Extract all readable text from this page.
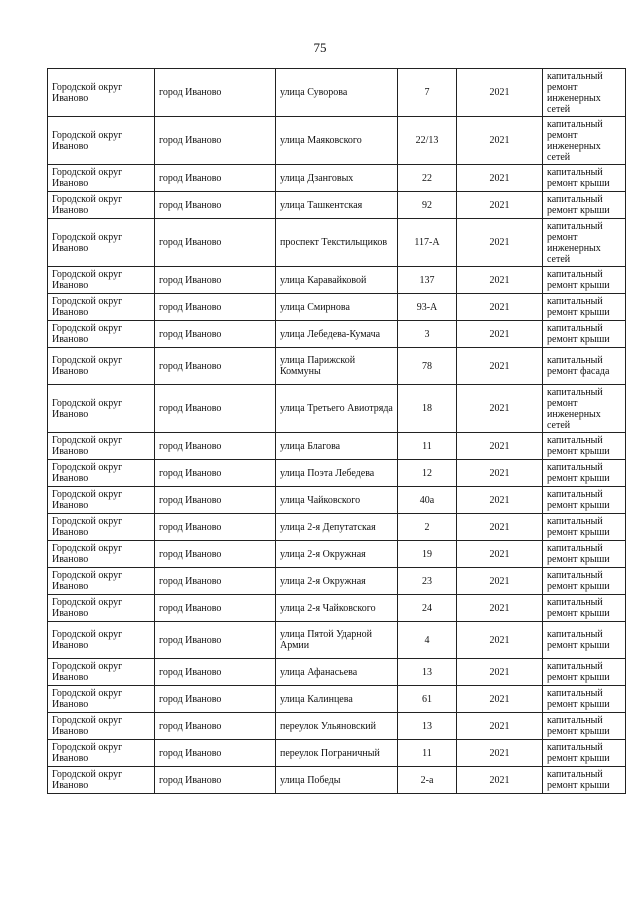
75
Городской округ Иваново	город Иваново	улица Суворова	7	2021	капитальный ремонт инженерных сетей
Городской округ Иваново	город Иваново	улица Маяковского	22/13	2021	капитальный ремонт инженерных сетей
Городской округ Иваново	город Иваново	улица Дзанговых	22	2021	капитальный ремонт крыши
Городской округ Иваново	город Иваново	улица Ташкентская	92	2021	капитальный ремонт крыши
Городской округ Иваново	город Иваново	проспект Текстильщиков	117-А	2021	капитальный ремонт инженерных сетей
Городской округ Иваново	город Иваново	улица Каравайковой	137	2021	капитальный ремонт крыши
Городской округ Иваново	город Иваново	улица Смирнова	93-А	2021	капитальный ремонт крыши
Городской округ Иваново	город Иваново	улица Лебедева-Кумача	3	2021	капитальный ремонт крыши
Городской округ Иваново	город Иваново	улица Парижской Коммуны	78	2021	капитальный ремонт фасада
Городской округ Иваново	город Иваново	улица Третьего Авиотряда	18	2021	капитальный ремонт инженерных сетей
Городской округ Иваново	город Иваново	улица Благова	11	2021	капитальный ремонт крыши
Городской округ Иваново	город Иваново	улица Поэта Лебедева	12	2021	капитальный ремонт крыши
Городской округ Иваново	город Иваново	улица Чайковского	40а	2021	капитальный ремонт крыши
Городской округ Иваново	город Иваново	улица 2-я Депутатская	2	2021	капитальный ремонт крыши
Городской округ Иваново	город Иваново	улица 2-я Окружная	19	2021	капитальный ремонт крыши
Городской округ Иваново	город Иваново	улица 2-я Окружная	23	2021	капитальный ремонт крыши
Городской округ Иваново	город Иваново	улица 2-я Чайковского	24	2021	капитальный ремонт крыши
Городской округ Иваново	город Иваново	улица Пятой Ударной Армии	4	2021	капитальный ремонт крыши
Городской округ Иваново	город Иваново	улица Афанасьева	13	2021	капитальный ремонт крыши
Городской округ Иваново	город Иваново	улица Калинцева	61	2021	капитальный ремонт крыши
Городской округ Иваново	город Иваново	переулок Ульяновский	13	2021	капитальный ремонт крыши
Городской округ Иваново	город Иваново	переулок Пограничный	11	2021	капитальный ремонт крыши
Городской округ Иваново	город Иваново	улица Победы	2-а	2021	капитальный ремонт крыши
